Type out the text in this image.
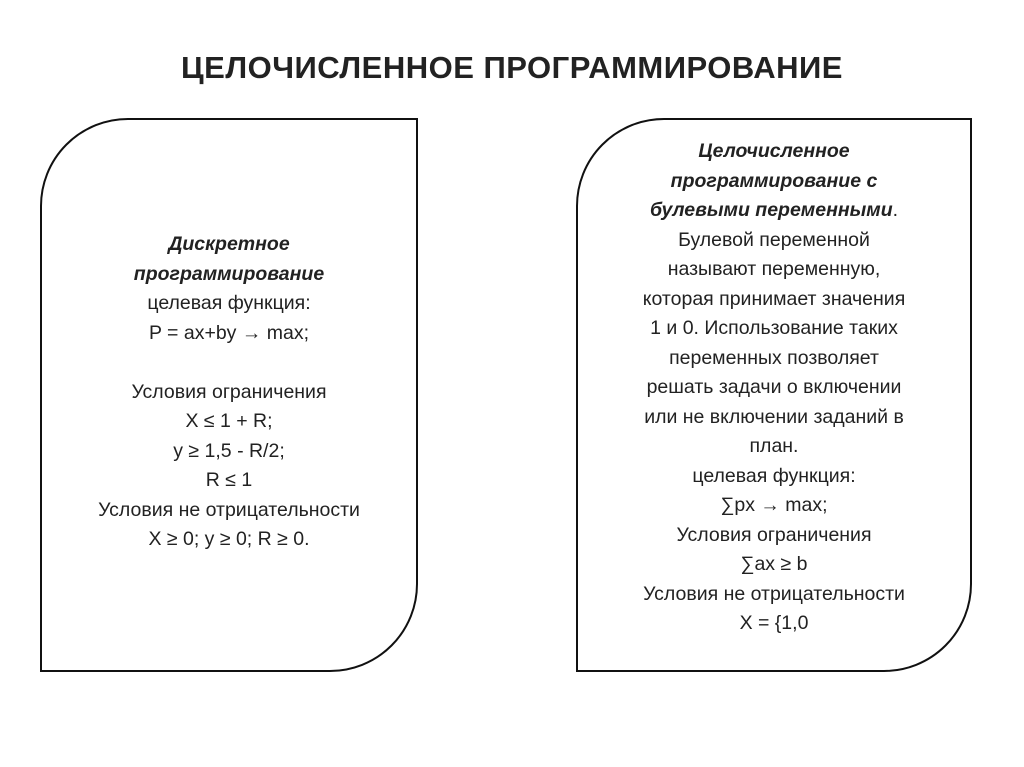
ЦЕЛОЧИСЛЕННОЕ ПРОГРАММИРОВАНИЕ
Дискретное
программирование
целевая функция:
P = ax+by → max;
Условия ограничения
X ≤ 1 + R;
y ≥ 1,5 - R/2;
R ≤ 1
Условия не отрицательности
X ≥ 0; y ≥ 0; R ≥ 0.
Целочисленное
программирование с
булевыми переменными.
Булевой переменной
называют переменную,
которая принимает значения
1 и 0. Использование таких
переменных позволяет
решать задачи о включении
или не включении заданий в
план.
целевая функция:
∑px → max;
Условия ограничения
∑ax ≥ b
Условия не отрицательности
X = {1,0
